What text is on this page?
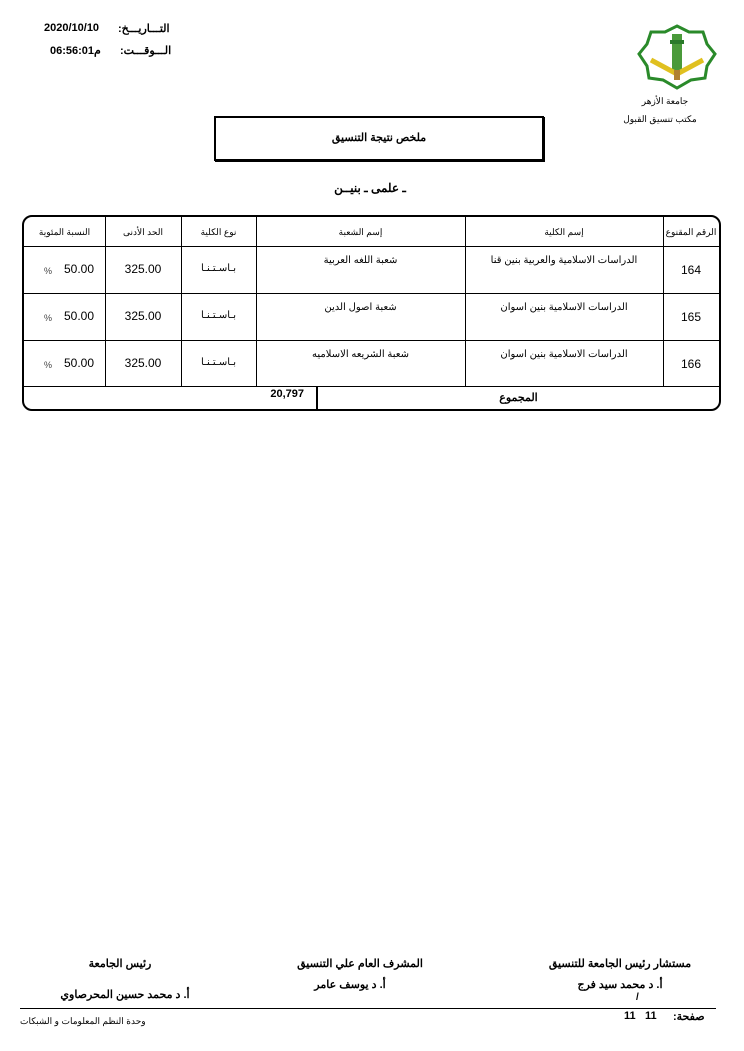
التـــاريـــخ:
2020/10/10
الـــوقـــت:
م06:56:01
جامعة الأزهر
مكتب تنسيق القبول
ملخص نتيجة التنسيق
ـ علمى ـ بنيــن
الرقم المقنوع
إسم الكلية
إسم الشعبة
نوع الكلية
الحد الأدنى
النسبة المئوية
164
الدراسات الاسلامية والعربية بنين قنا
شعبة اللغه العربية
بـاسـتـنـا
325.00
50.00
%
165
الدراسات الاسلامية بنين اسوان
شعبة اصول الدين
بـاسـتـنـا
325.00
50.00
%
166
الدراسات الاسلامية بنين اسوان
شعبة الشريعه الاسلاميه
بـاسـتـنـا
325.00
50.00
%
المجموع
20,797
مستشار رئيس الجامعة للتنسيق
أ. د محمد سيد فرج
/
المشرف العام علي التنسيق
أ. د يوسف عامر
رئيس الجامعة
أ. د محمد حسين المحرصاوي
صفحة:
11
11
وحدة النظم المعلومات و الشبكات
